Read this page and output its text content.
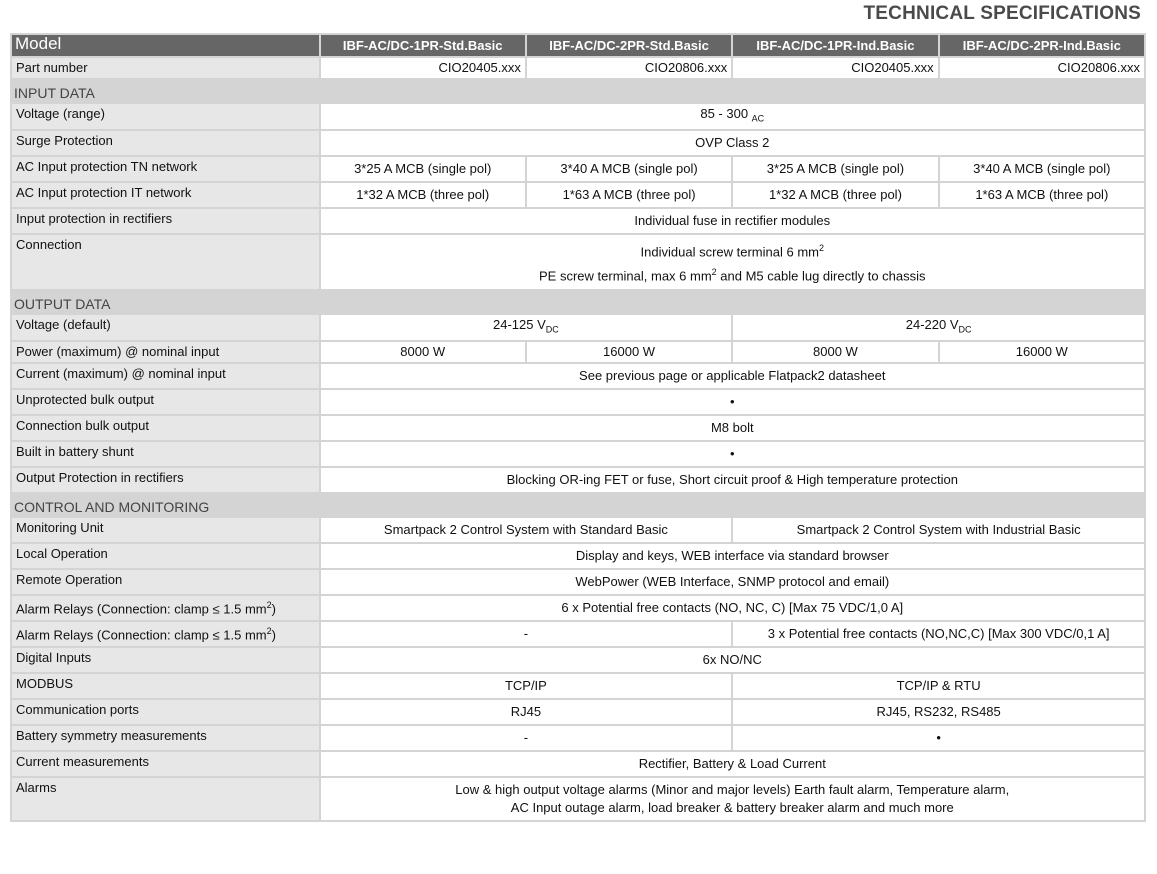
TECHNICAL SPECIFICATIONS
Model	IBF-AC/DC-1PR-Std.Basic	IBF-AC/DC-2PR-Std.Basic	IBF-AC/DC-1PR-Ind.Basic	IBF-AC/DC-2PR-Ind.Basic
Part number	CIO20405.xxx	CIO20806.xxx	CIO20405.xxx	CIO20806.xxx
INPUT DATA				
Voltage (range)	85 - 300 $_{AC}$
Surge Protection	OVP Class 2			
AC Input protection TN network	3*25 A MCB (single pol)	3*40 A MCB (single pol)	3*25 A MCB (single pol)	3*40 A MCB (single pol)
AC Input protection IT network	1*32 A MCB (three pol)	1*63 A MCB (three pol)	1*32 A MCB (three pol)	1*63 A MCB (three pol)
Input protection in rectifiers	Individual fuse in rectifier modules			
Connection	Individual screw terminal 6 $mm^2$
PE screw terminal, max 6 $mm^2$ and M5 cable lug directly to chassis			

OUTPUT DATA				
Voltage (default)	24-125 $V_{DC}$		24-220 $V_{DC}$
Power (maximum) @ nominal input	8000 W	16000 W	8000 W	16000 W
Current (maximum) @ nominal input	See previous page or applicable Flatpack2 datasheet			
Unprotected bulk output	•			
Connection bulk output	M8 bolt			
Built in battery shunt	•			
Output Protection in rectifiers	Blocking OR-ing FET or fuse, Short circuit proof & High temperature protection			
CONTROL AND MONITORING				
Monitoring Unit	Smartpack 2 Control System with Standard Basic		Smartpack 2 Control System with Industrial Basic	
Local Operation	Display and keys, WEB interface via standard browser			
Remote Operation	WebPower (WEB Interface, SNMP protocol and email)			
Alarm Relays (Connection: clamp ≤ 1.5 $mm^2$)	6 x Potential free contacts (NO, NC, C) [Max 75 VDC/1,0 A]			
Alarm Relays (Connection: clamp ≤ 1.5 $mm^2$)	-		3 x Potential free contacts (NO,NC,C) [Max 300 VDC/0,1 A]	
Digital Inputs	6x NO/NC			
MODBUS	TCP/IP		TCP/IP & RTU	
Communication ports	RJ45		RJ45, RS232, RS485	
Battery symmetry measurements	-		•	
Current measurements	Rectifier, Battery & Load Current			
Alarms	Low & high output voltage alarms (Minor and major levels) Earth fault alarm, Temperature alarm,
AC Input outage alarm, load breaker & battery breaker alarm and much more			
